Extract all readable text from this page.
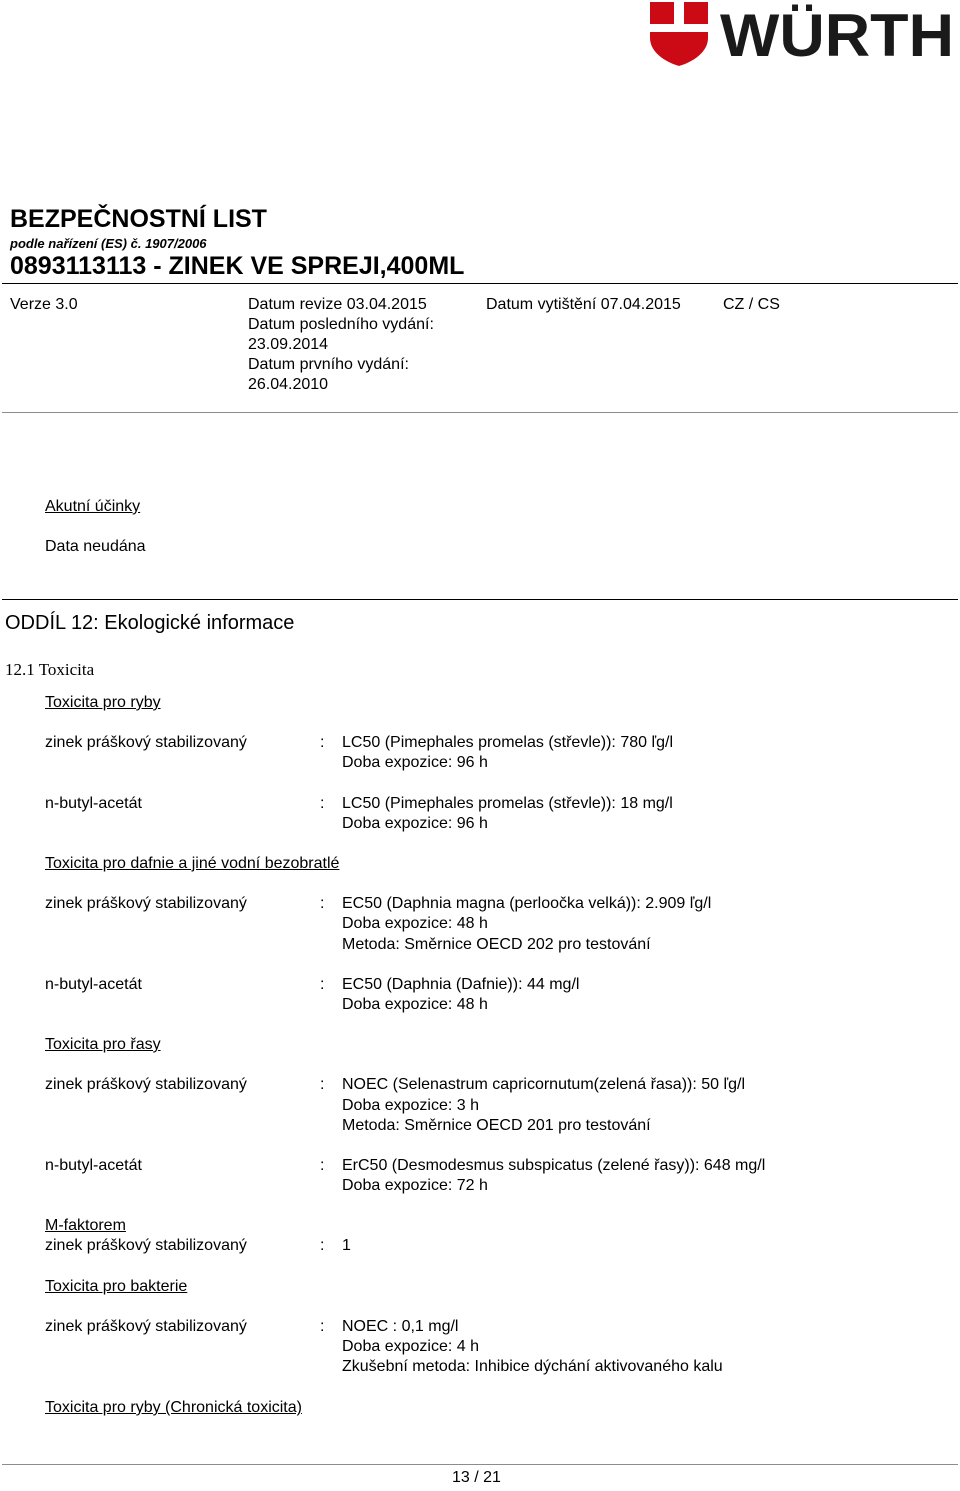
WÜRTH
BEZPEČNOSTNÍ LIST
podle nařízení (ES) č. 1907/2006
0893113113 - ZINEK VE SPREJI,400ML
Verze 3.0	Datum revize 03.04.2015
Datum posledního vydání:
23.09.2014
Datum prvního vydání:
26.04.2010
Datum vytištění 07.04.2015	CZ / CS
Akutní účinky
Data neudána
ODDÍL 12: Ekologické informace
12.1 Toxicita
Toxicita pro ryby
zinek práškový stabilizovaný	: LC50 (Pimephales promelas (střevle)): 780 ľg/l
Doba expozice: 96 h
n-butyl-acetát	: LC50 (Pimephales promelas (střevle)): 18 mg/l
Doba expozice: 96 h
Toxicita pro dafnie a jiné vodní bezobratlé
zinek práškový stabilizovaný	: EC50 (Daphnia magna (perloočka velká)): 2.909 ľg/l
Doba expozice: 48 h
Metoda: Směrnice OECD 202 pro testování
n-butyl-acetát	: EC50 (Daphnia (Dafnie)): 44 mg/l
Doba expozice: 48 h
Toxicita pro řasy
zinek práškový stabilizovaný	: NOEC (Selenastrum capricornutum(zelená řasa)): 50 ľg/l
Doba expozice: 3 h
Metoda: Směrnice OECD 201 pro testování
n-butyl-acetát	: ErC50 (Desmodesmus subspicatus (zelené řasy)): 648 mg/l
Doba expozice: 72 h
M-faktorem
zinek práškový stabilizovaný	: 1
Toxicita pro bakterie
zinek práškový stabilizovaný	: NOEC : 0,1 mg/l
Doba expozice: 4 h
Zkušební metoda: Inhibice dýchání aktivovaného kalu
Toxicita pro ryby (Chronická toxicita)
13 / 21
